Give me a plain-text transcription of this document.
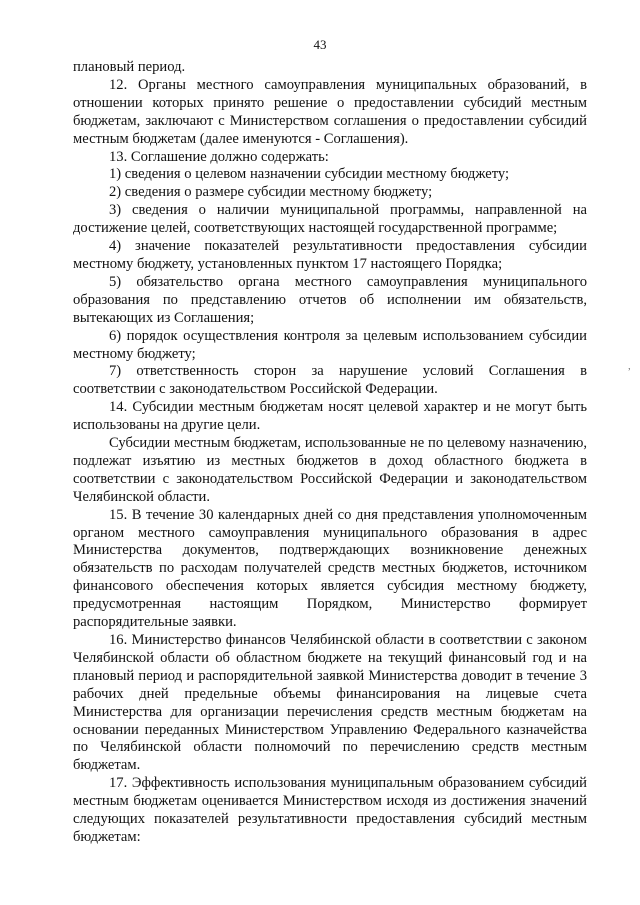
43

плановый период.

12. Органы местного самоуправления муниципальных образований, в отношении которых принято решение о предоставлении субсидий местным бюджетам, заключают с Министерством соглашения о предоставлении субсидий местным бюджетам (далее именуются - Соглашения).

13. Соглашение должно содержать:

1) сведения о целевом назначении субсидии местному бюджету;

2) сведения о размере субсидии местному бюджету;

3) сведения о наличии муниципальной программы, направленной на достижение целей, соответствующих настоящей государственной программе;

4) значение показателей результативности предоставления субсидии местному бюджету, установленных пунктом 17 настоящего Порядка;

5) обязательство органа местного самоуправления муниципального образования по представлению отчетов об исполнении им обязательств, вытекающих из Соглашения;

6) порядок осуществления контроля за целевым использованием субсидии местному бюджету;

7) ответственность сторон за нарушение условий Соглашения в соответствии с законодательством Российской Федерации.

14. Субсидии местным бюджетам носят целевой характер и не могут быть использованы на другие цели.

Субсидии местным бюджетам, использованные не по целевому назначению, подлежат изъятию из местных бюджетов в доход областного бюджета в соответствии с законодательством Российской Федерации и законодательством Челябинской области.

15. В течение 30 календарных дней со дня представления уполномоченным органом местного самоуправления муниципального образования в адрес Министерства документов, подтверждающих возникновение денежных обязательств по расходам получателей средств местных бюджетов, источником финансового обеспечения которых является субсидия местному бюджету, предусмотренная настоящим Порядком, Министерство формирует распорядительные заявки.

16. Министерство финансов Челябинской области в соответствии с законом Челябинской области об областном бюджете на текущий финансовый год и на плановый период и распорядительной заявкой Министерства доводит в течение 3 рабочих дней предельные объемы финансирования на лицевые счета Министерства для организации перечисления средств местным бюджетам на основании переданных Министерством Управлению Федерального казначейства по Челябинской области полномочий по перечислению средств местным бюджетам.

17. Эффективность использования муниципальным образованием субсидий местным бюджетам оценивается Министерством исходя из достижения значений следующих показателей результативности предоставления субсидий местным бюджетам:

,
